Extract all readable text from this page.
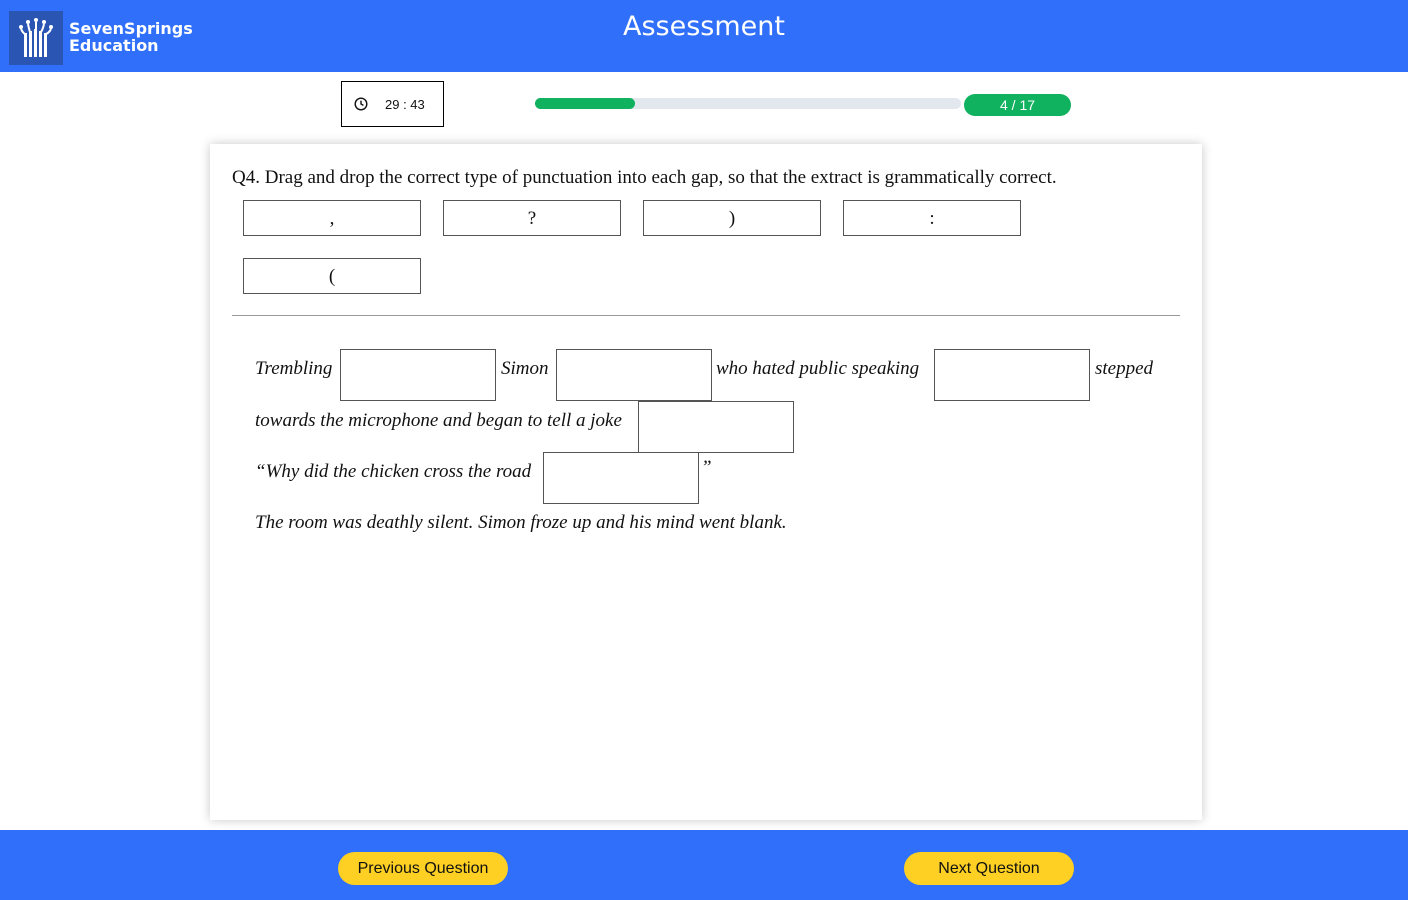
SevenSprings
Education
Assessment
29 : 43	4 / 17
Q4. Drag and drop the correct type of punctuation into each gap, so that the extract is grammatically correct.
,	?	)	:
(
Trembling	Simon	who hated public speaking	stepped
towards the microphone and began to tell a joke
“Why did the chicken cross the road	”
The room was deathly silent. Simon froze up and his mind went blank.
Previous Question	Next Question
